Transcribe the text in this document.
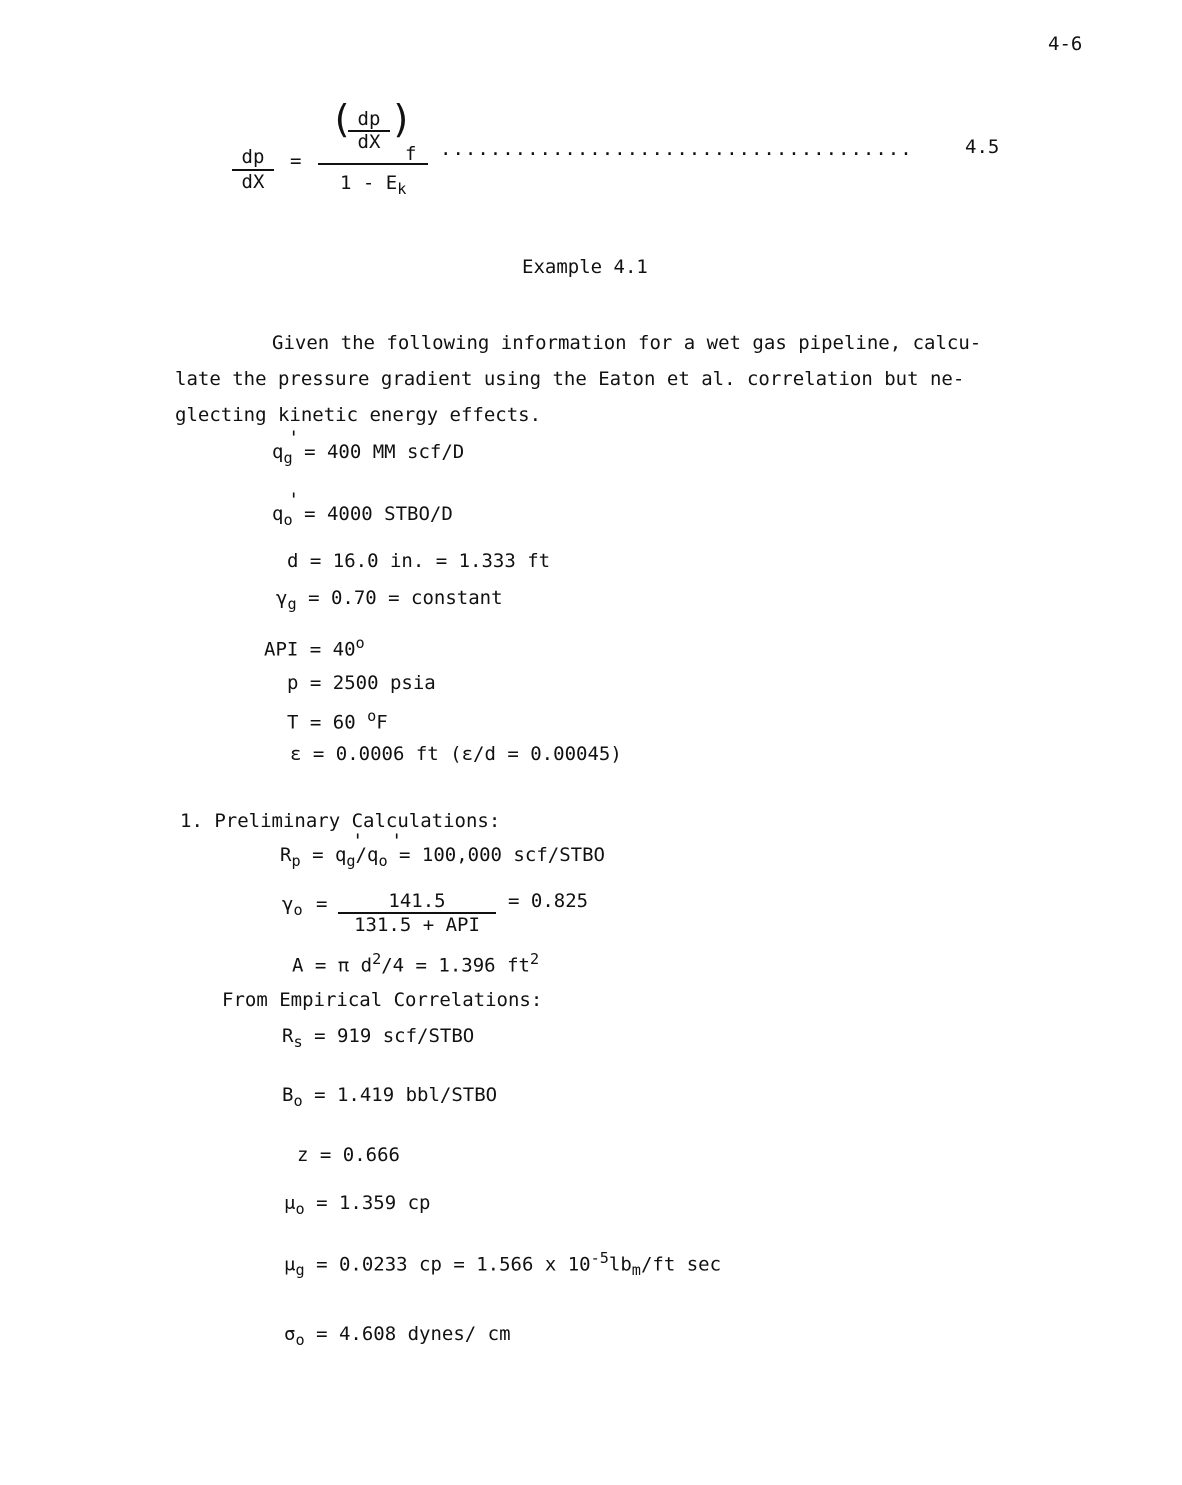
4-6
dp
dX
=
( dp
dX
)
f
$1 - E_k$
......................................	4.5
Example 4.1
Given the following information for a wet gas pipeline, calcu-
late the pressure gradient using the Eaton et al. correlation but ne-
glecting kinetic energy effects.
$q_g = 400$ MM scf/D
'
$q_o = 4000$ STBO/D
'
d = 16.0 in. = 1.333 ft
$\gamma_g = 0.70$ = constant
API = $40^o$
p = 2500 psia
T = 60 $^o$F
ε = 0.0006 ft (ε/d = 0.00045)
1. Preliminary Calculations:
$R_p = q_g/q_o = 100,000$ scf/STBO
' '
$\gamma_o$ =	141.5
131.5 + API
= 0.825
A = π $d^2/4 = 1.396$ $ft^2$
From Empirical Correlations:
$R_s = 919$ scf/STBO
$B_o = 1.419$ bbl/STBO
z = 0.666
$\mu_o = 1.359$ cp
$\mu_g = 0.0233$ cp = 1.566 x $10^{-5}lb_m/ft$ sec
$\sigma_o = 4.608$ dynes/ cm
